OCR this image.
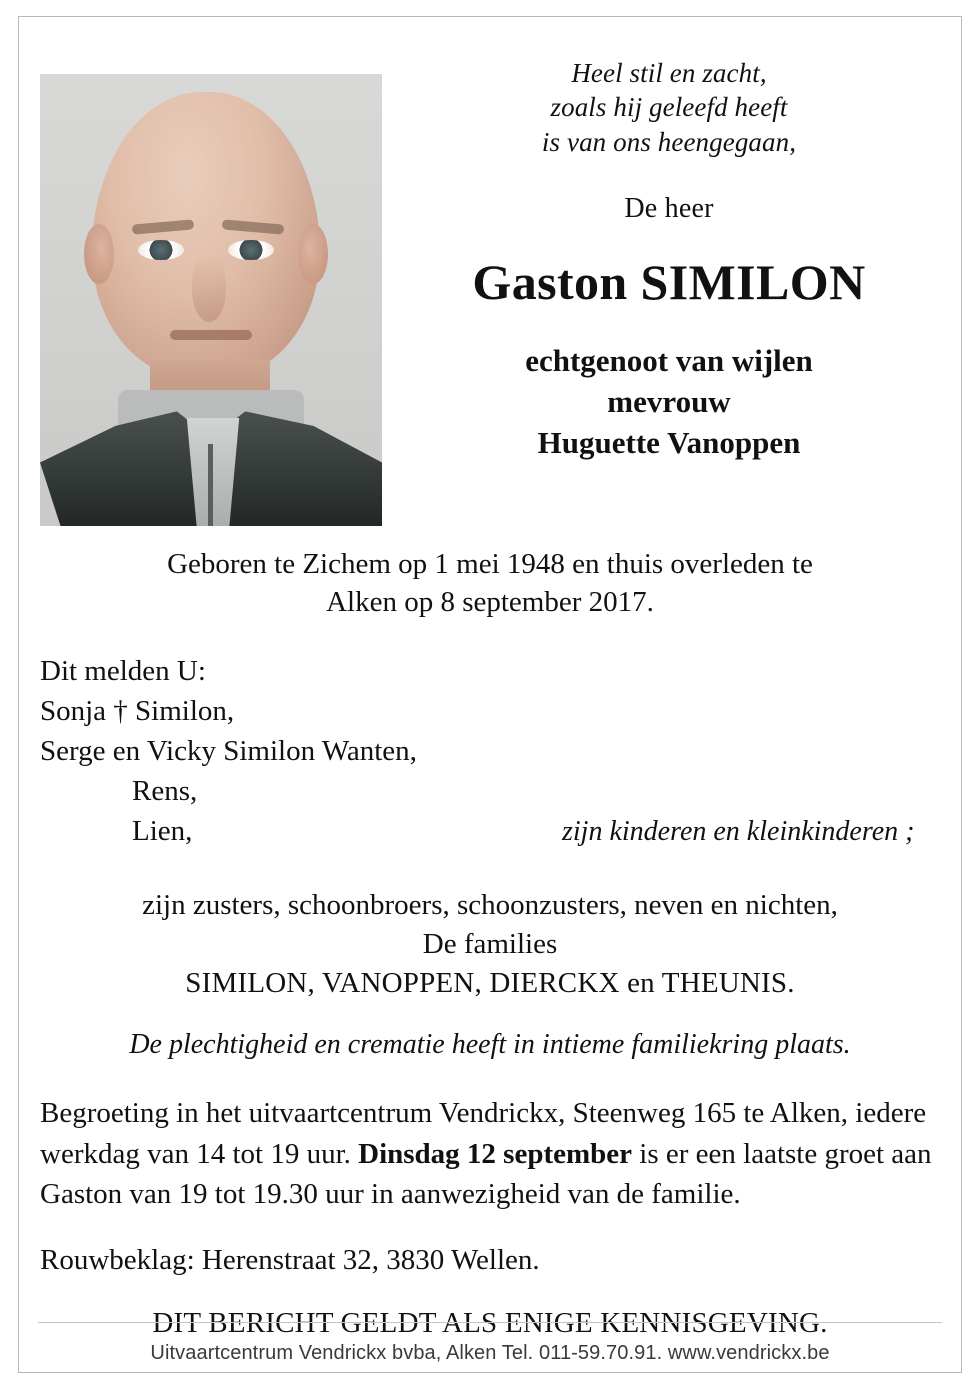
Heel stil en zacht,
zoals hij geleefd heeft
is van ons heengegaan,
De heer
Gaston SIMILON
echtgenoot van wijlen
mevrouw
Huguette Vanoppen
Geboren te Zichem op 1 mei 1948 en thuis overleden te
Alken op 8 september 2017.
Dit melden U:
Sonja † Similon,
Serge en Vicky Similon Wanten,
Rens,
Lien,	zijn kinderen en kleinkinderen ;
zijn zusters, schoonbroers, schoonzusters, neven en nichten,
De families
SIMILON, VANOPPEN, DIERCKX en THEUNIS.
De plechtigheid en crematie heeft in intieme familiekring plaats.
Begroeting in het uitvaartcentrum Vendrickx, Steenweg 165 te Alken, iedere werkdag van 14 tot 19 uur. Dinsdag 12 september is er een laatste groet aan Gaston van 19 tot 19.30 uur in aanwezigheid van de familie.
Rouwbeklag: Herenstraat 32, 3830 Wellen.
DIT BERICHT GELDT ALS ENIGE KENNISGEVING.
Uitvaartcentrum Vendrickx bvba, Alken Tel. 011-59.70.91. www.vendrickx.be
